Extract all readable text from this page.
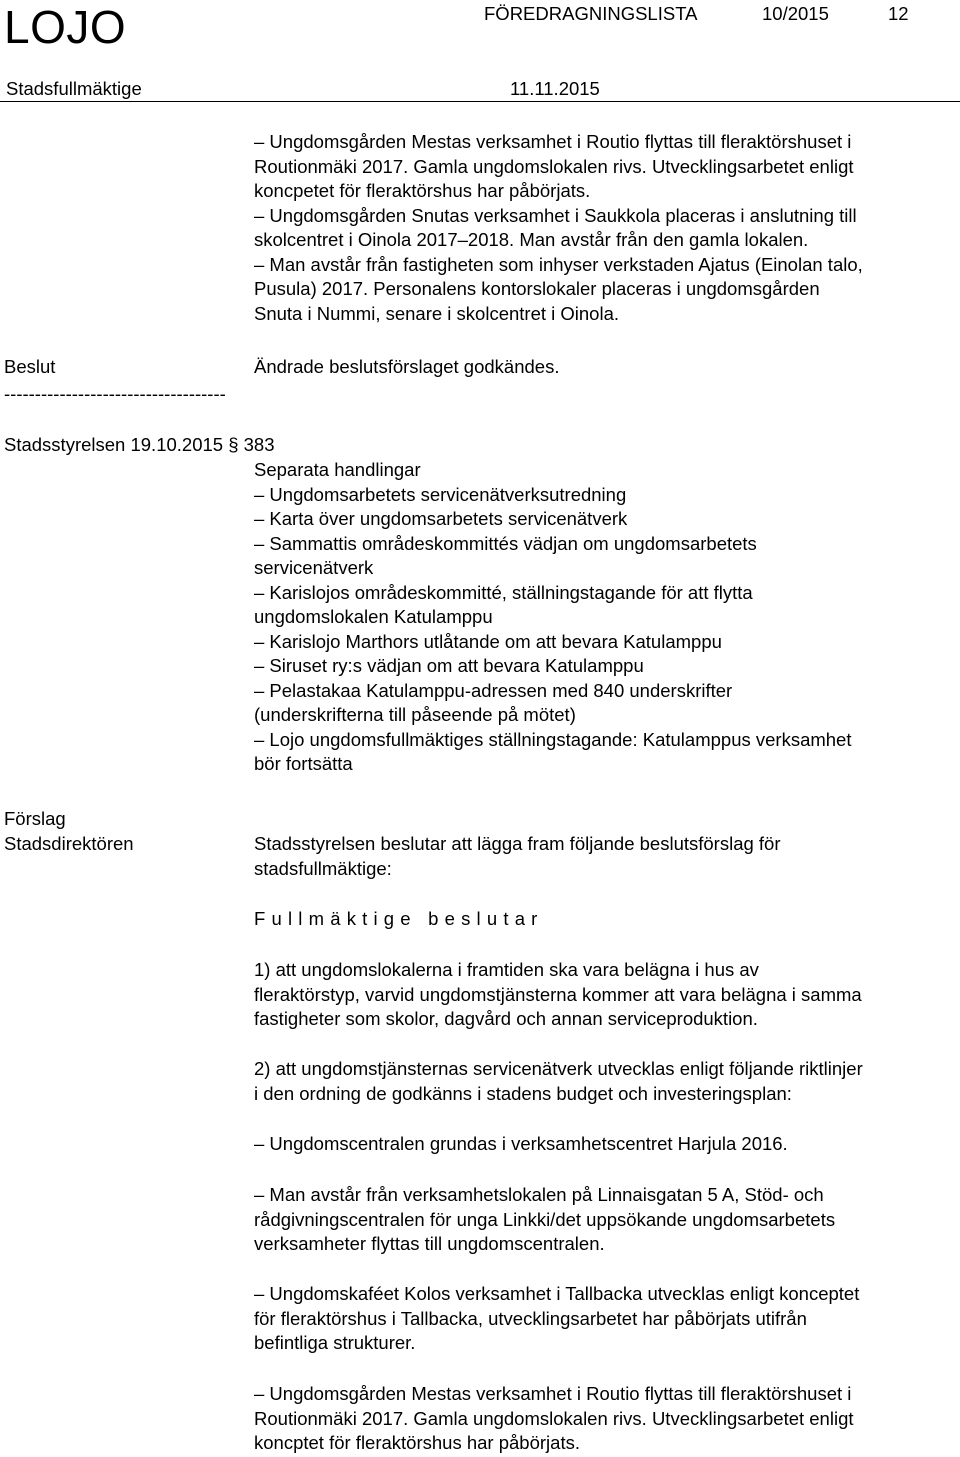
LOJO	FÖREDRAGNINGSLISTA	10/2015	12
Stadsfullmäktige	11.11.2015
– Ungdomsgården Mestas verksamhet i Routio flyttas till fleraktörshuset i
Routionmäki 2017. Gamla ungdomslokalen rivs. Utvecklingsarbetet enligt
koncpetet för fleraktörshus har påbörjats.
– Ungdomsgården Snutas verksamhet i Saukkola placeras i anslutning till
skolcentret i Oinola 2017–2018. Man avstår från den gamla lokalen.
– Man avstår från fastigheten som inhyser verkstaden Ajatus (Einolan talo,
Pusula) 2017. Personalens kontorslokaler placeras i ungdomsgården
Snuta i Nummi, senare i skolcentret i Oinola.
Beslut	Ändrade beslutsförslaget godkändes.
------------------------------------
Stadsstyrelsen 19.10.2015 § 383
Separata handlingar
– Ungdomsarbetets servicenätverksutredning
– Karta över ungdomsarbetets servicenätverk
– Sammattis områdeskommittés vädjan om ungdomsarbetets
servicenätverk
– Karislojos områdeskommitté, ställningstagande för att flytta
ungdomslokalen Katulamppu
– Karislojo Marthors utlåtande om att bevara Katulamppu
– Siruset ry:s vädjan om att bevara Katulamppu
– Pelastakaa Katulamppu-adressen med 840 underskrifter
(underskrifterna till påseende på mötet)
– Lojo ungdomsfullmäktiges ställningstagande: Katulamppus verksamhet
bör fortsätta
Förslag
Stadsdirektören	Stadsstyrelsen beslutar att lägga fram följande beslutsförslag för
stadsfullmäktige:
Fullmäktige beslutar
1) att ungdomslokalerna i framtiden ska vara belägna i hus av
fleraktörstyp, varvid ungdomstjänsterna kommer att vara belägna i samma
fastigheter som skolor, dagvård och annan serviceproduktion.
2) att ungdomstjänsternas servicenätverk utvecklas enligt följande riktlinjer
i den ordning de godkänns i stadens budget och investeringsplan:
– Ungdomscentralen grundas i verksamhetscentret Harjula 2016.
– Man avstår från verksamhetslokalen på Linnaisgatan 5 A, Stöd- och
rådgivningscentralen för unga Linkki/det uppsökande ungdomsarbetets
verksamheter flyttas till ungdomscentralen.
– Ungdomskaféet Kolos verksamhet i Tallbacka utvecklas enligt konceptet
för fleraktörshus i Tallbacka, utvecklingsarbetet har påbörjats utifrån
befintliga strukturer.
– Ungdomsgården Mestas verksamhet i Routio flyttas till fleraktörshuset i
Routionmäki 2017. Gamla ungdomslokalen rivs. Utvecklingsarbetet enligt
koncptet för fleraktörshus har påbörjats.
